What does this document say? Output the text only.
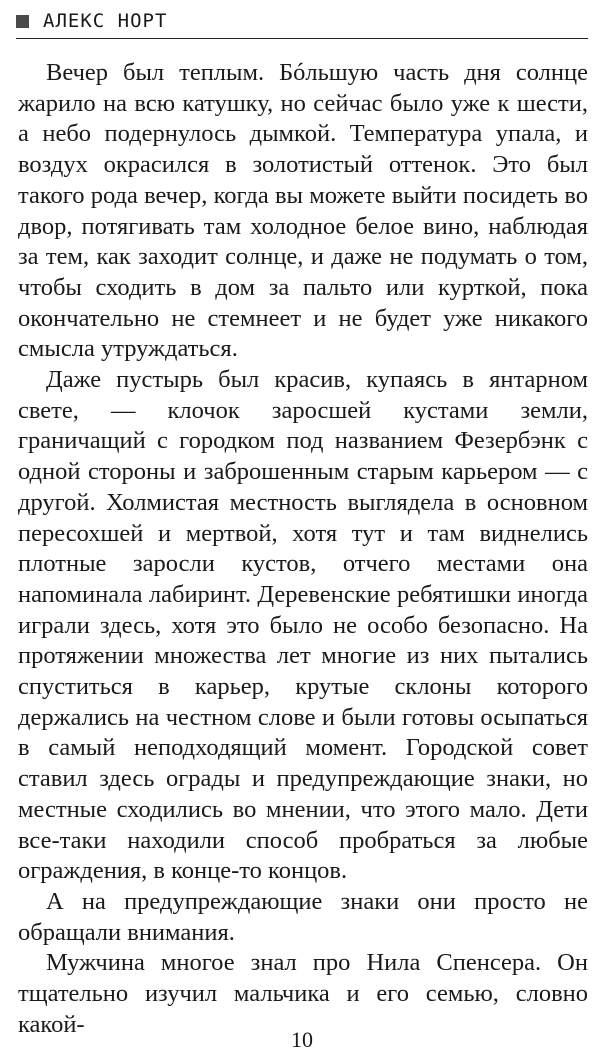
АЛЕКС НОРТ

Вечер был теплым. Бóльшую часть дня солнце жарило на всю катушку, но сейчас было уже к шести, а небо подернулось дымкой. Температура упала, и воздух окрасился в золотистый оттенок. Это был такого рода вечер, когда вы можете выйти посидеть во двор, потягивать там холодное белое вино, наблюдая за тем, как заходит солнце, и даже не подумать о том, чтобы сходить в дом за пальто или курткой, пока окончательно не стемнеет и не будет уже никакого смысла утруждаться.

Даже пустырь был красив, купаясь в янтарном свете, — клочок заросшей кустами земли, граничащий с городком под названием Фезербэнк с одной стороны и заброшенным старым карьером — с другой. Холмистая местность выглядела в основном пересохшей и мертвой, хотя тут и там виднелись плотные заросли кустов, отчего местами она напоминала лабиринт. Деревенские ребятишки иногда играли здесь, хотя это было не особо безопасно. На протяжении множества лет многие из них пытались спуститься в карьер, крутые склоны которого держались на честном слове и были готовы осыпаться в самый неподходящий момент. Городской совет ставил здесь ограды и предупреждающие знаки, но местные сходились во мнении, что этого мало. Дети все-таки находили способ пробраться за любые ограждения, в конце-то концов.

А на предупреждающие знаки они просто не обращали внимания.

Мужчина многое знал про Нила Спенсера. Он тщательно изучил мальчика и его семью, словно какой-

10
